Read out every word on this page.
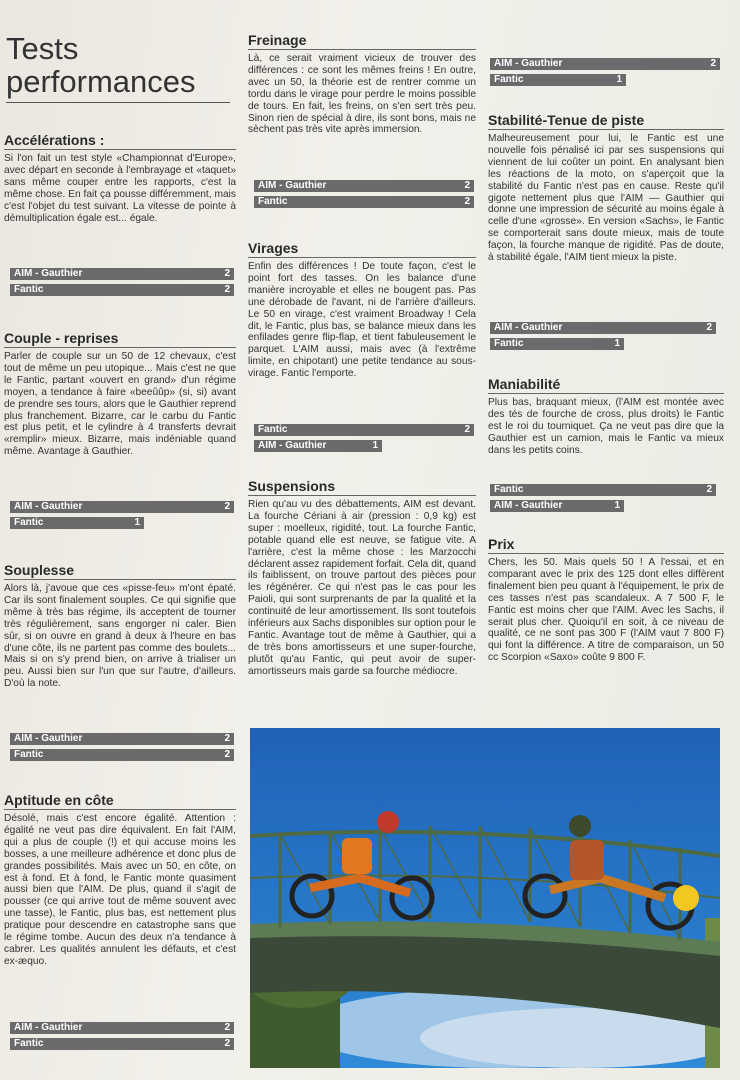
Tests performances
Accélérations :
Si l'on fait un test style «Championnat d'Europe», avec départ en seconde à l'embrayage et «taquet» sans même couper entre les rapports, c'est la même chose. En fait ça pousse différemment, mais c'est l'objet du test suivant. La vitesse de pointe à démultiplication égale est... égale.
AIM - Gauthier	2
Fantic	2
Couple - reprises
Parler de couple sur un 50 de 12 chevaux, c'est tout de même un peu utopique... Mais c'est ne que le Fantic, partant «ouvert en grand» d'un régime moyen, a tendance à faire «beeûûp» (si, si) avant de prendre ses tours, alors que le Gauthier reprend plus franchement. Bizarre, car le carbu du Fantic est plus petit, et le cylindre à 4 transferts devrait «remplir» mieux. Bizarre, mais indéniable quand même. Avantage à Gauthier.
AIM - Gauthier	2
Fantic	1
Souplesse
Alors là, j'avoue que ces «pisse-feu» m'ont épaté. Car ils sont finalement souples. Ce qui signifie que même à très bas régime, ils acceptent de tourner très régulièrement, sans engorger ni caler. Bien sûr, si on ouvre en grand à deux à l'heure en bas d'une côte, ils ne partent pas comme des boulets... Mais si on s'y prend bien, on arrive à trialiser un peu. Aussi bien sur l'un que sur l'autre, d'ailleurs. D'où la note.
AIM - Gauthier	2
Fantic	2
Aptitude en côte
Désolé, mais c'est encore égalité. Attention : égalité ne veut pas dire équivalent. En fait l'AIM, qui a plus de couple (!) et qui accuse moins les bosses, a une meilleure adhérence et donc plus de grandes possibilités. Mais avec un 50, en côte, on est à fond. Et à fond, le Fantic monte quasiment aussi bien que l'AIM. De plus, quand il s'agit de pousser (ce qui arrive tout de même souvent avec une tasse), le Fantic, plus bas, est nettement plus pratique pour descendre en catastrophe sans que le régime tombe. Aucun des deux n'a tendance à cabrer. Les qualités annulent les défauts, et c'est ex-æquo.
AIM - Gauthier	2
Fantic	2
Freinage
Là, ce serait vraiment vicieux de trouver des différences : ce sont les mêmes freins ! En outre, avec un 50, la théorie est de rentrer comme un tordu dans le virage pour perdre le moins possible de tours. En fait, les freins, on s'en sert très peu. Sinon rien de spécial à dire, ils sont bons, mais ne sèchent pas très vite après immersion.
AIM - Gauthier	2
Fantic	2
Virages
Enfin des différences ! De toute façon, c'est le point fort des tasses. On les balance d'une manière incroyable et elles ne bougent pas. Pas une dérobade de l'avant, ni de l'arrière d'ailleurs. Le 50 en virage, c'est vraiment Broadway ! Cela dit, le Fantic, plus bas, se balance mieux dans les enfilades genre flip-flap, et tient fabuleusement le parquet. L'AIM aussi, mais avec (à l'extrême limite, en chipotant) une petite tendance au sous-virage. Fantic l'emporte.
Fantic	2
AIM - Gauthier	1
Suspensions
Rien qu'au vu des débattements, AIM est devant. La fourche Cériani à air (pression : 0,9 kg) est super : moelleux, rigidité, tout. La fourche Fantic, potable quand elle est neuve, se fatigue vite. A l'arrière, c'est la même chose : les Marzocchi déclarent assez rapidement forfait. Cela dit, quand ils faiblissent, on trouve partout des pièces pour les régénérer. Ce qui n'est pas le cas pour les Paioli, qui sont surprenants de par la qualité et la continuité de leur amortissement. Ils sont toutefois inférieurs aux Sachs disponibles sur option pour le Fantic. Avantage tout de même à Gauthier, qui a de très bons amortisseurs et une super-fourche, plutôt qu'au Fantic, qui peut avoir de super-amortisseurs mais garde sa fourche médiocre.
AIM - Gauthier	2
Fantic	1
Stabilité-Tenue de piste
Malheureusement pour lui, le Fantic est une nouvelle fois pénalisé ici par ses suspensions qui viennent de lui coûter un point. En analysant bien les réactions de la moto, on s'aperçoit que la stabilité du Fantic n'est pas en cause. Reste qu'il gigote nettement plus que l'AIM — Gauthier qui donne une impression de sécurité au moins égale à celle d'une «grosse». En version «Sachs», le Fantic se comporterait sans doute mieux, mais de toute façon, la fourche manque de rigidité. Pas de doute, à stabilité égale, l'AIM tient mieux la piste.
AIM - Gauthier	2
Fantic	1
Maniabilité
Plus bas, braquant mieux, (l'AIM est montée avec des tés de fourche de cross, plus droits) le Fantic est le roi du tourniquet. Ça ne veut pas dire que la Gauthier est un camion, mais le Fantic va mieux dans les petits coins.
Fantic	2
AIM - Gauthier	1
Prix
Chers, les 50. Mais quels 50 ! A l'essai, et en comparant avec le prix des 125 dont elles diffèrent finalement bien peu quant à l'équipement, le prix de ces tasses n'est pas scandaleux. A 7 500 F, le Fantic est moins cher que l'AIM. Avec les Sachs, il serait plus cher. Quoiqu'il en soit, à ce niveau de qualité, ce ne sont pas 300 F (l'AIM vaut 7 800 F) qui font la différence. A titre de comparaison, un 50 cc Scorpion «Saxo» coûte 9 800 F.
